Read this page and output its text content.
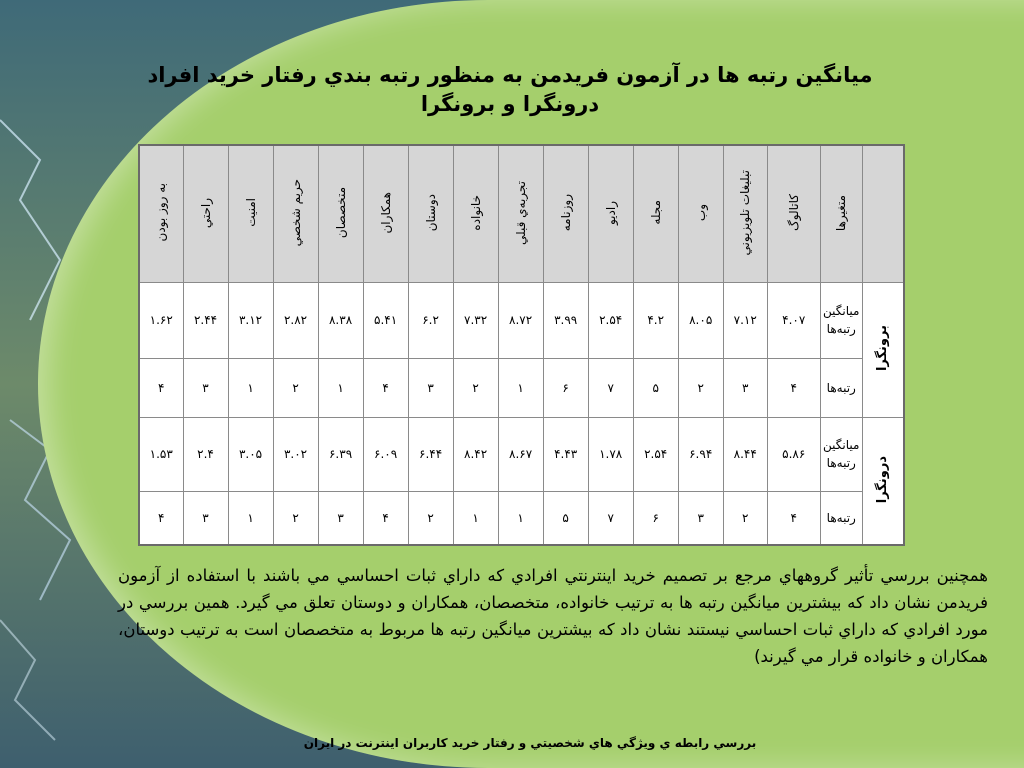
ميانگين رتبه ها در آزمون فريدمن به منظور رتبه بندي رفتار خريد افراد
درونگرا و برونگرا
به روز بودن	راحتي	امنيت	حريم شخصي	متخصصان	همکاران	دوستان	خانواده	تجربه‌ي قبلي	روزنامه	راديو	مجله	وب	تبليغات تلويزيوني	کاتالوگ	متغيرها	
۱.۶۲	۲.۴۴	۳.۱۲	۲.۸۲	۸.۳۸	۵.۴۱	۶.۲	۷.۳۲	۸.۷۲	۳.۹۹	۲.۵۴	۴.۲	۸.۰۵	۷.۱۲	۴.۰۷	ميانگين رتبه‌ها	برونگرا
۴	۳	۱	۲	۱	۴	۳	۲	۱	۶	۷	۵	۲	۳	۴	رتبه‌ها	
۱.۵۳	۲.۴	۳.۰۵	۳.۰۲	۶.۳۹	۶.۰۹	۶.۴۴	۸.۴۲	۸.۶۷	۴.۴۳	۱.۷۸	۲.۵۴	۶.۹۴	۸.۴۴	۵.۸۶	ميانگين رتبه‌ها	درونگرا
۴	۳	۱	۲	۳	۴	۲	۱	۱	۵	۷	۶	۳	۲	۴	رتبه‌ها	
همچنين بررسي تأثير گروههاي مرجع بر تصميم خريد اينترنتي افرادي که داراي ثبات احساسي مي باشند با استفاده از آزمون فريدمن نشان داد که بيشترين ميانگين رتبه ها به ترتيب خانواده، متخصصان، همکاران و دوستان تعلق مي گيرد. همين بررسي در مورد افرادي که داراي ثبات احساسي نيستند نشان داد که بيشترين ميانگين رتبه ها مربوط به متخصصان است به ترتيب دوستان، همکاران و خانواده قرار مي گيرند)
بررسي رابطه ي ويژگي هاي شخصيتي و رفتار خريد کاربران اينترنت در ايران
